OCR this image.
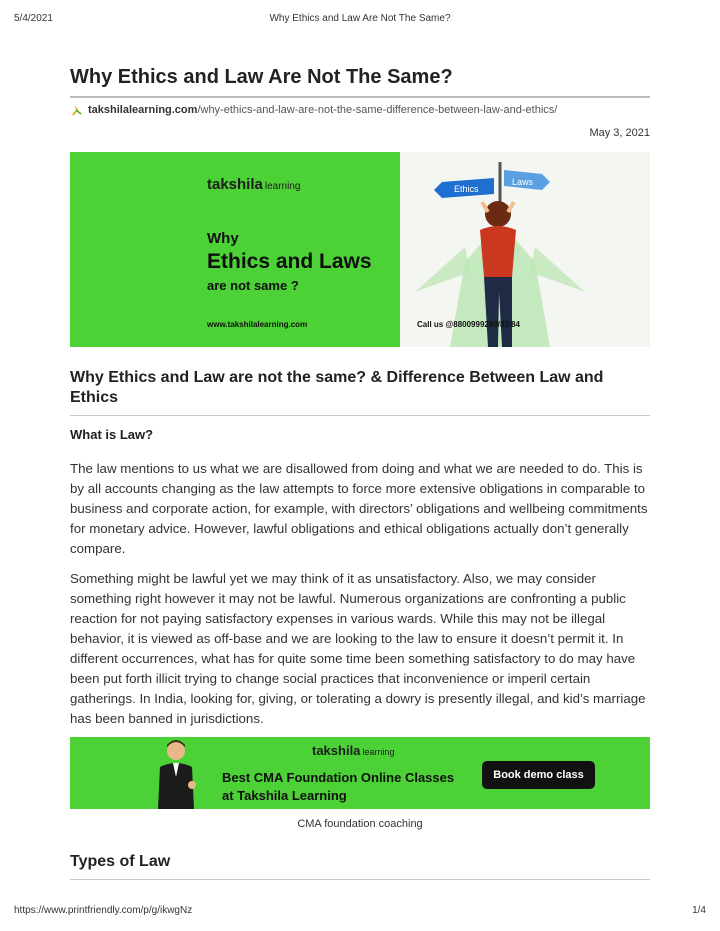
5/4/2021	Why Ethics and Law Are Not The Same?
Why Ethics and Law Are Not The Same?
takshilalearning.com /why-ethics-and-law-are-not-the-same-difference-between-law-and-ethics/
May 3, 2021
Ethics
Laws
takshila learning
Why
Ethics and Laws
are not same ?
www.takshilalearning.com	Call us @8800999280/83/84
Why Ethics and Law are not the same? & Difference Between Law and Ethics
What is Law?

The law mentions to us what we are disallowed from doing and what we are needed to do. This is by all accounts changing as the law attempts to force more extensive obligations in comparable to business and corporate action, for example, with directors’ obligations and wellbeing commitments for monetary advice. However, lawful obligations and ethical obligations actually don’t generally compare.

Something might be lawful yet we may think of it as unsatisfactory. Also, we may consider something right however it may not be lawful. Numerous organizations are confronting a public reaction for not paying satisfactory expenses in various wards. While this may not be illegal behavior, it is viewed as off-base and we are looking to the law to ensure it doesn’t permit it. In different occurrences, what has for quite some time been something satisfactory to do may have been put forth illicit trying to change social practices that inconvenience or imperil certain gatherings. In India, looking for, giving, or tolerating a dowry is presently illegal, and kid’s marriage has been banned in jurisdictions.

takshila learning
Best CMA Foundation Online Classes
at Takshila Learning
Book demo class
CMA foundation coaching
Types of Law
https://www.printfriendly.com/p/g/ikwgNz	1/4
